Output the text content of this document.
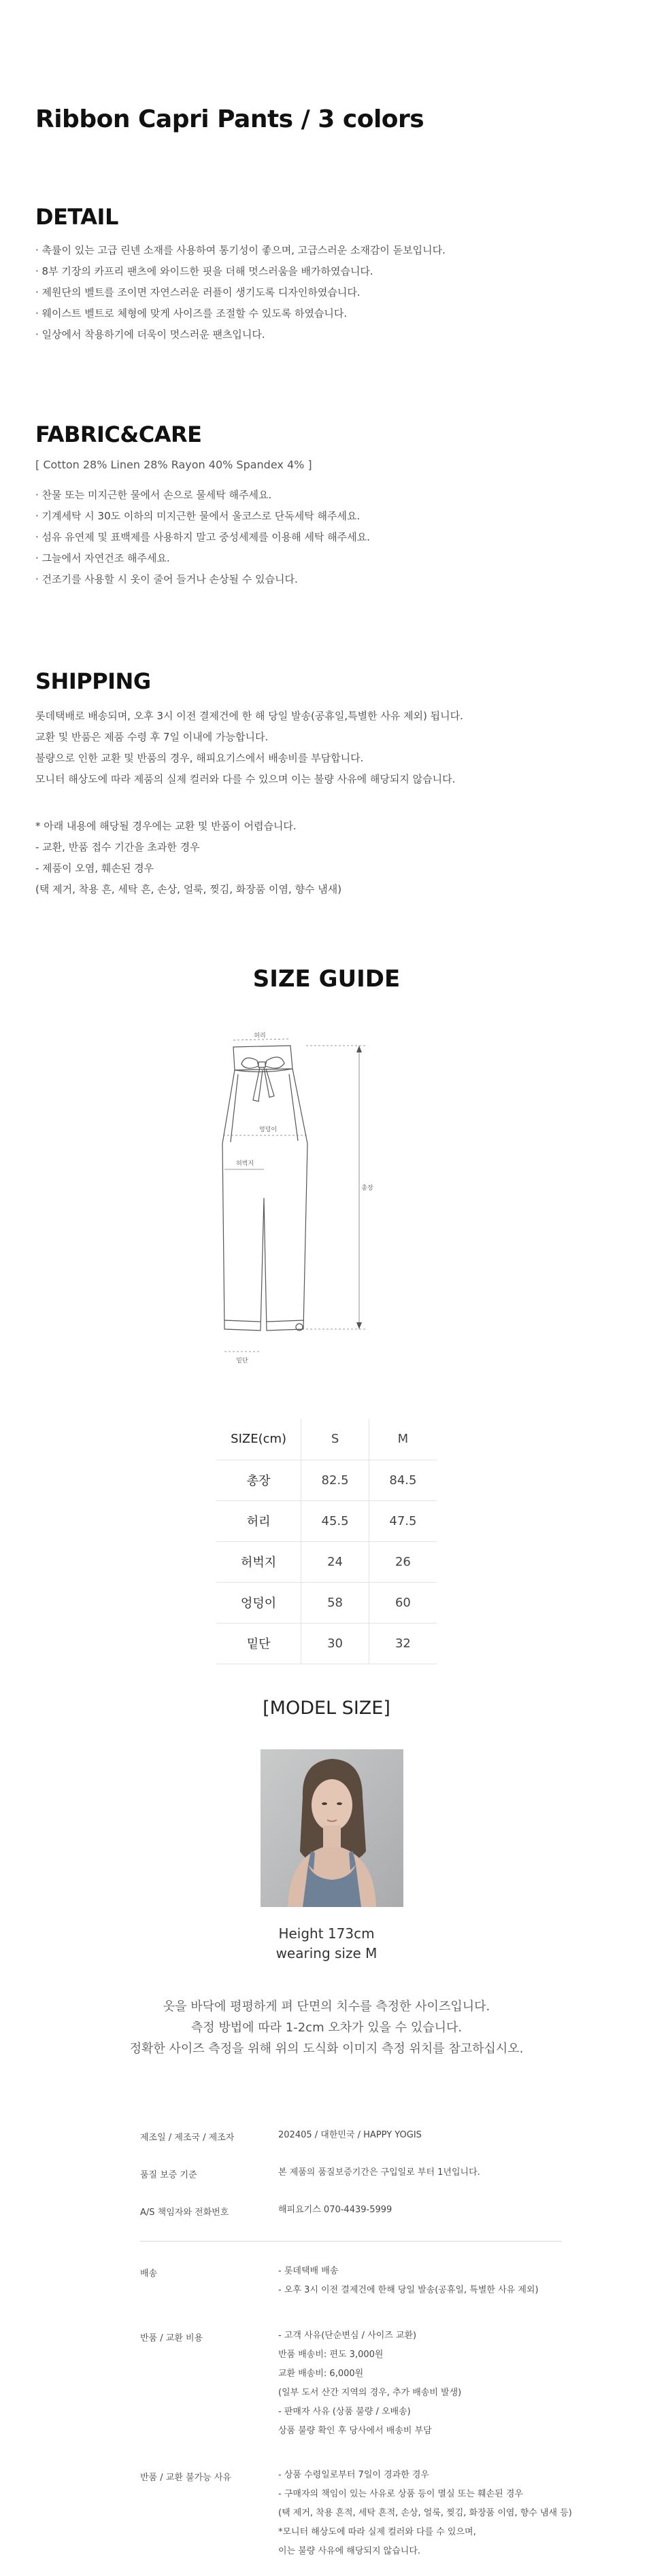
Ribbon Capri Pants / 3 colors
DETAIL
· 촉률이 있는 고급 린넨 소재를 사용하여 통기성이 좋으며, 고급스러운 소재감이 돋보입니다.
· 8부 기장의 카프리 팬츠에 와이드한 핏을 더해 멋스러움을 배가하였습니다.
· 제원단의 벨트를 조이면 자연스러운 러플이 생기도록 디자인하였습니다.
· 웨이스트 벨트로 체형에 맞게 사이즈를 조절할 수 있도록 하였습니다.
· 일상에서 착용하기에 더욱이 멋스러운 팬츠입니다.
FABRIC&CARE
[ Cotton 28% Linen 28% Rayon 40% Spandex 4% ]
· 찬물 또는 미지근한 물에서 손으로 물세탁 해주세요.
· 기계세탁 시 30도 이하의 미지근한 물에서 울코스로 단독세탁 해주세요.
· 섬유 유연제 및 표백제를 사용하지 말고 중성세제를 이용해 세탁 해주세요.
· 그늘에서 자연건조 해주세요.
· 건조기를 사용할 시 옷이 줄어 들거나 손상될 수 있습니다.
SHIPPING
롯데택배로 배송되며, 오후 3시 이전 결제건에 한 해 당일 발송(공휴일,특별한 사유 제외) 됩니다.
교환 및 반품은 제품 수령 후 7일 이내에 가능합니다.
불량으로 인한 교환 및 반품의 경우, 해피요기스에서 배송비를 부담합니다.
모니터 해상도에 따라 제품의 실제 컬러와 다를 수 있으며 이는 불량 사유에 해당되지 않습니다.
* 아래 내용에 해당될 경우에는 교환 및 반품이 어렵습니다.
- 교환, 반품 접수 기간을 초과한 경우
- 제품이 오염, 훼손된 경우
(택 제거, 착용 흔, 세탁 흔, 손상, 얼룩, 찢김, 화장품 이염, 향수 냄새)
SIZE GUIDE
허리
엉덩이
허벅지
총장
밑단
SIZE(cm)	S	M
총장	82.5	84.5
허리	45.5	47.5
허벅지	24	26
엉덩이	58	60
밑단	30	32
[MODEL SIZE]
Height 173cm
wearing size M
옷을 바닥에 평평하게 펴 단면의 치수를 측정한 사이즈입니다.
측정 방법에 따라 1-2cm 오차가 있을 수 있습니다.
정확한 사이즈 측정을 위해 위의 도식화 이미지 측정 위치를 참고하십시오.
제조일 / 제조국 / 제조자	202405 / 대한민국 / HAPPY YOGIS
품질 보증 기준	본 제품의 품질보증기간은 구입일로 부터 1년입니다.
A/S 책임자와 전화번호	해피요기스 070-4439-5999
배송	- 롯데택배 배송
- 오후 3시 이전 결제건에 한해 당일 발송(공휴일, 특별한 사유 제외)
반품 / 교환 비용	- 고객 사유(단순변심 / 사이즈 교환)
반품 배송비: 편도 3,000원
교환 배송비: 6,000원
(일부 도서 산간 지역의 경우, 추가 배송비 발생)
- 판매자 사유 (상품 불량 / 오배송)
상품 불량 확인 후 당사에서 배송비 부담
반품 / 교환 불가능 사유	- 상품 수령일로부터 7일이 경과한 경우
- 구매자의 책임이 있는 사유로 상품 등이 멸실 또는 훼손된 경우
(택 제거, 착용 흔적, 세탁 흔적, 손상, 얼룩, 찢김, 화장품 이염, 향수 냄새 등)
*모니터 해상도에 따라 실제 컬러와 다를 수 있으며,
이는 불량 사유에 해당되지 않습니다.
